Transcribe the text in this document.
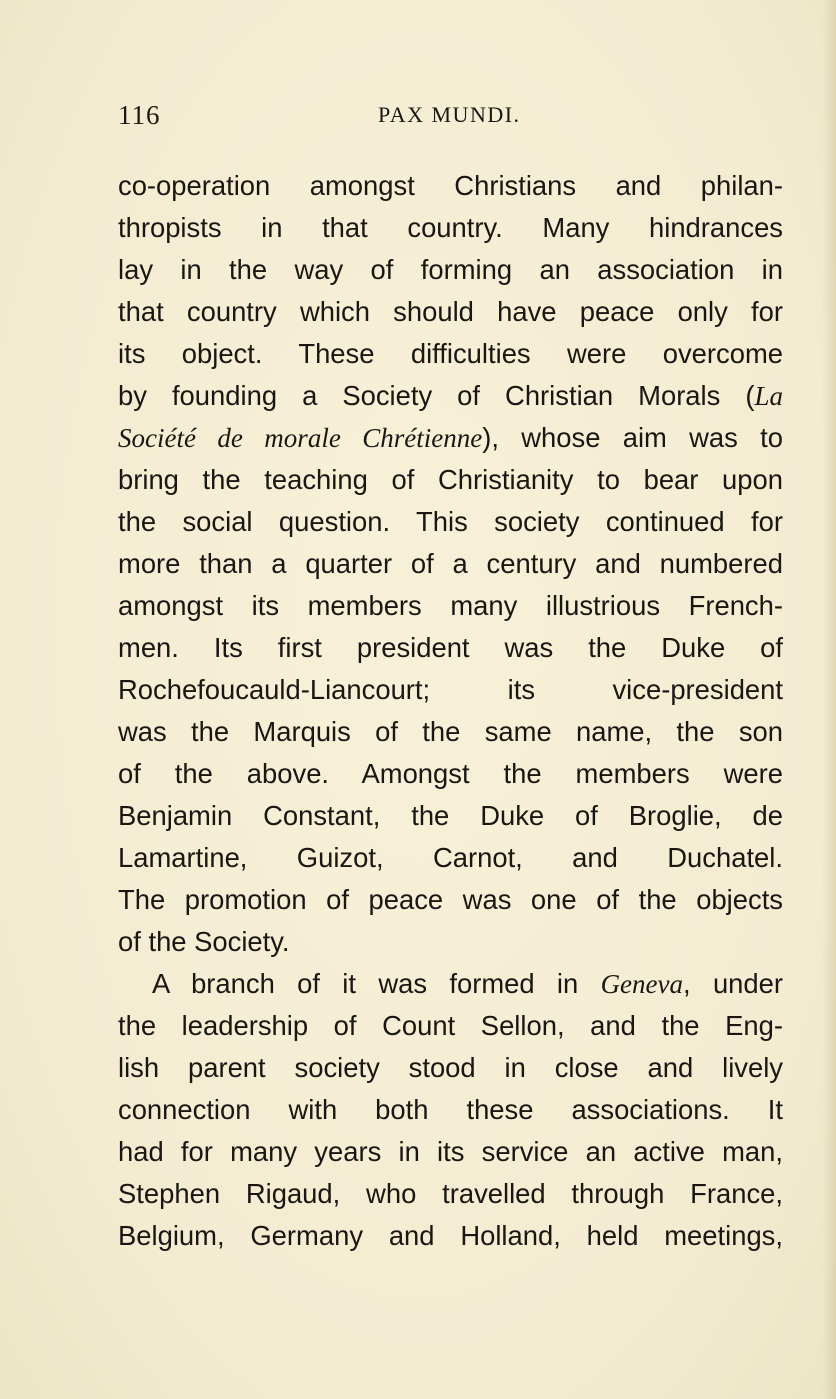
116	PAX MUNDI.

co-operation amongst Christians and philan-
thropists in that country. Many hindrances
lay in the way of forming an association in
that country which should have peace only for
its object. These difficulties were overcome
by founding a Society of Christian Morals (La
Société de morale Chrétienne), whose aim was to
bring the teaching of Christianity to bear upon
the social question. This society continued for
more than a quarter of a century and numbered
amongst its members many illustrious French-
men. Its first president was the Duke of
Rochefoucauld-Liancourt; its vice-president
was the Marquis of the same name, the son
of the above. Amongst the members were
Benjamin Constant, the Duke of Broglie, de
Lamartine, Guizot, Carnot, and Duchatel.
The promotion of peace was one of the objects
of the Society.

A branch of it was formed in Geneva, under
the leadership of Count Sellon, and the Eng-
lish parent society stood in close and lively
connection with both these associations. It
had for many years in its service an active man,
Stephen Rigaud, who travelled through France,
Belgium, Germany and Holland, held meetings,
